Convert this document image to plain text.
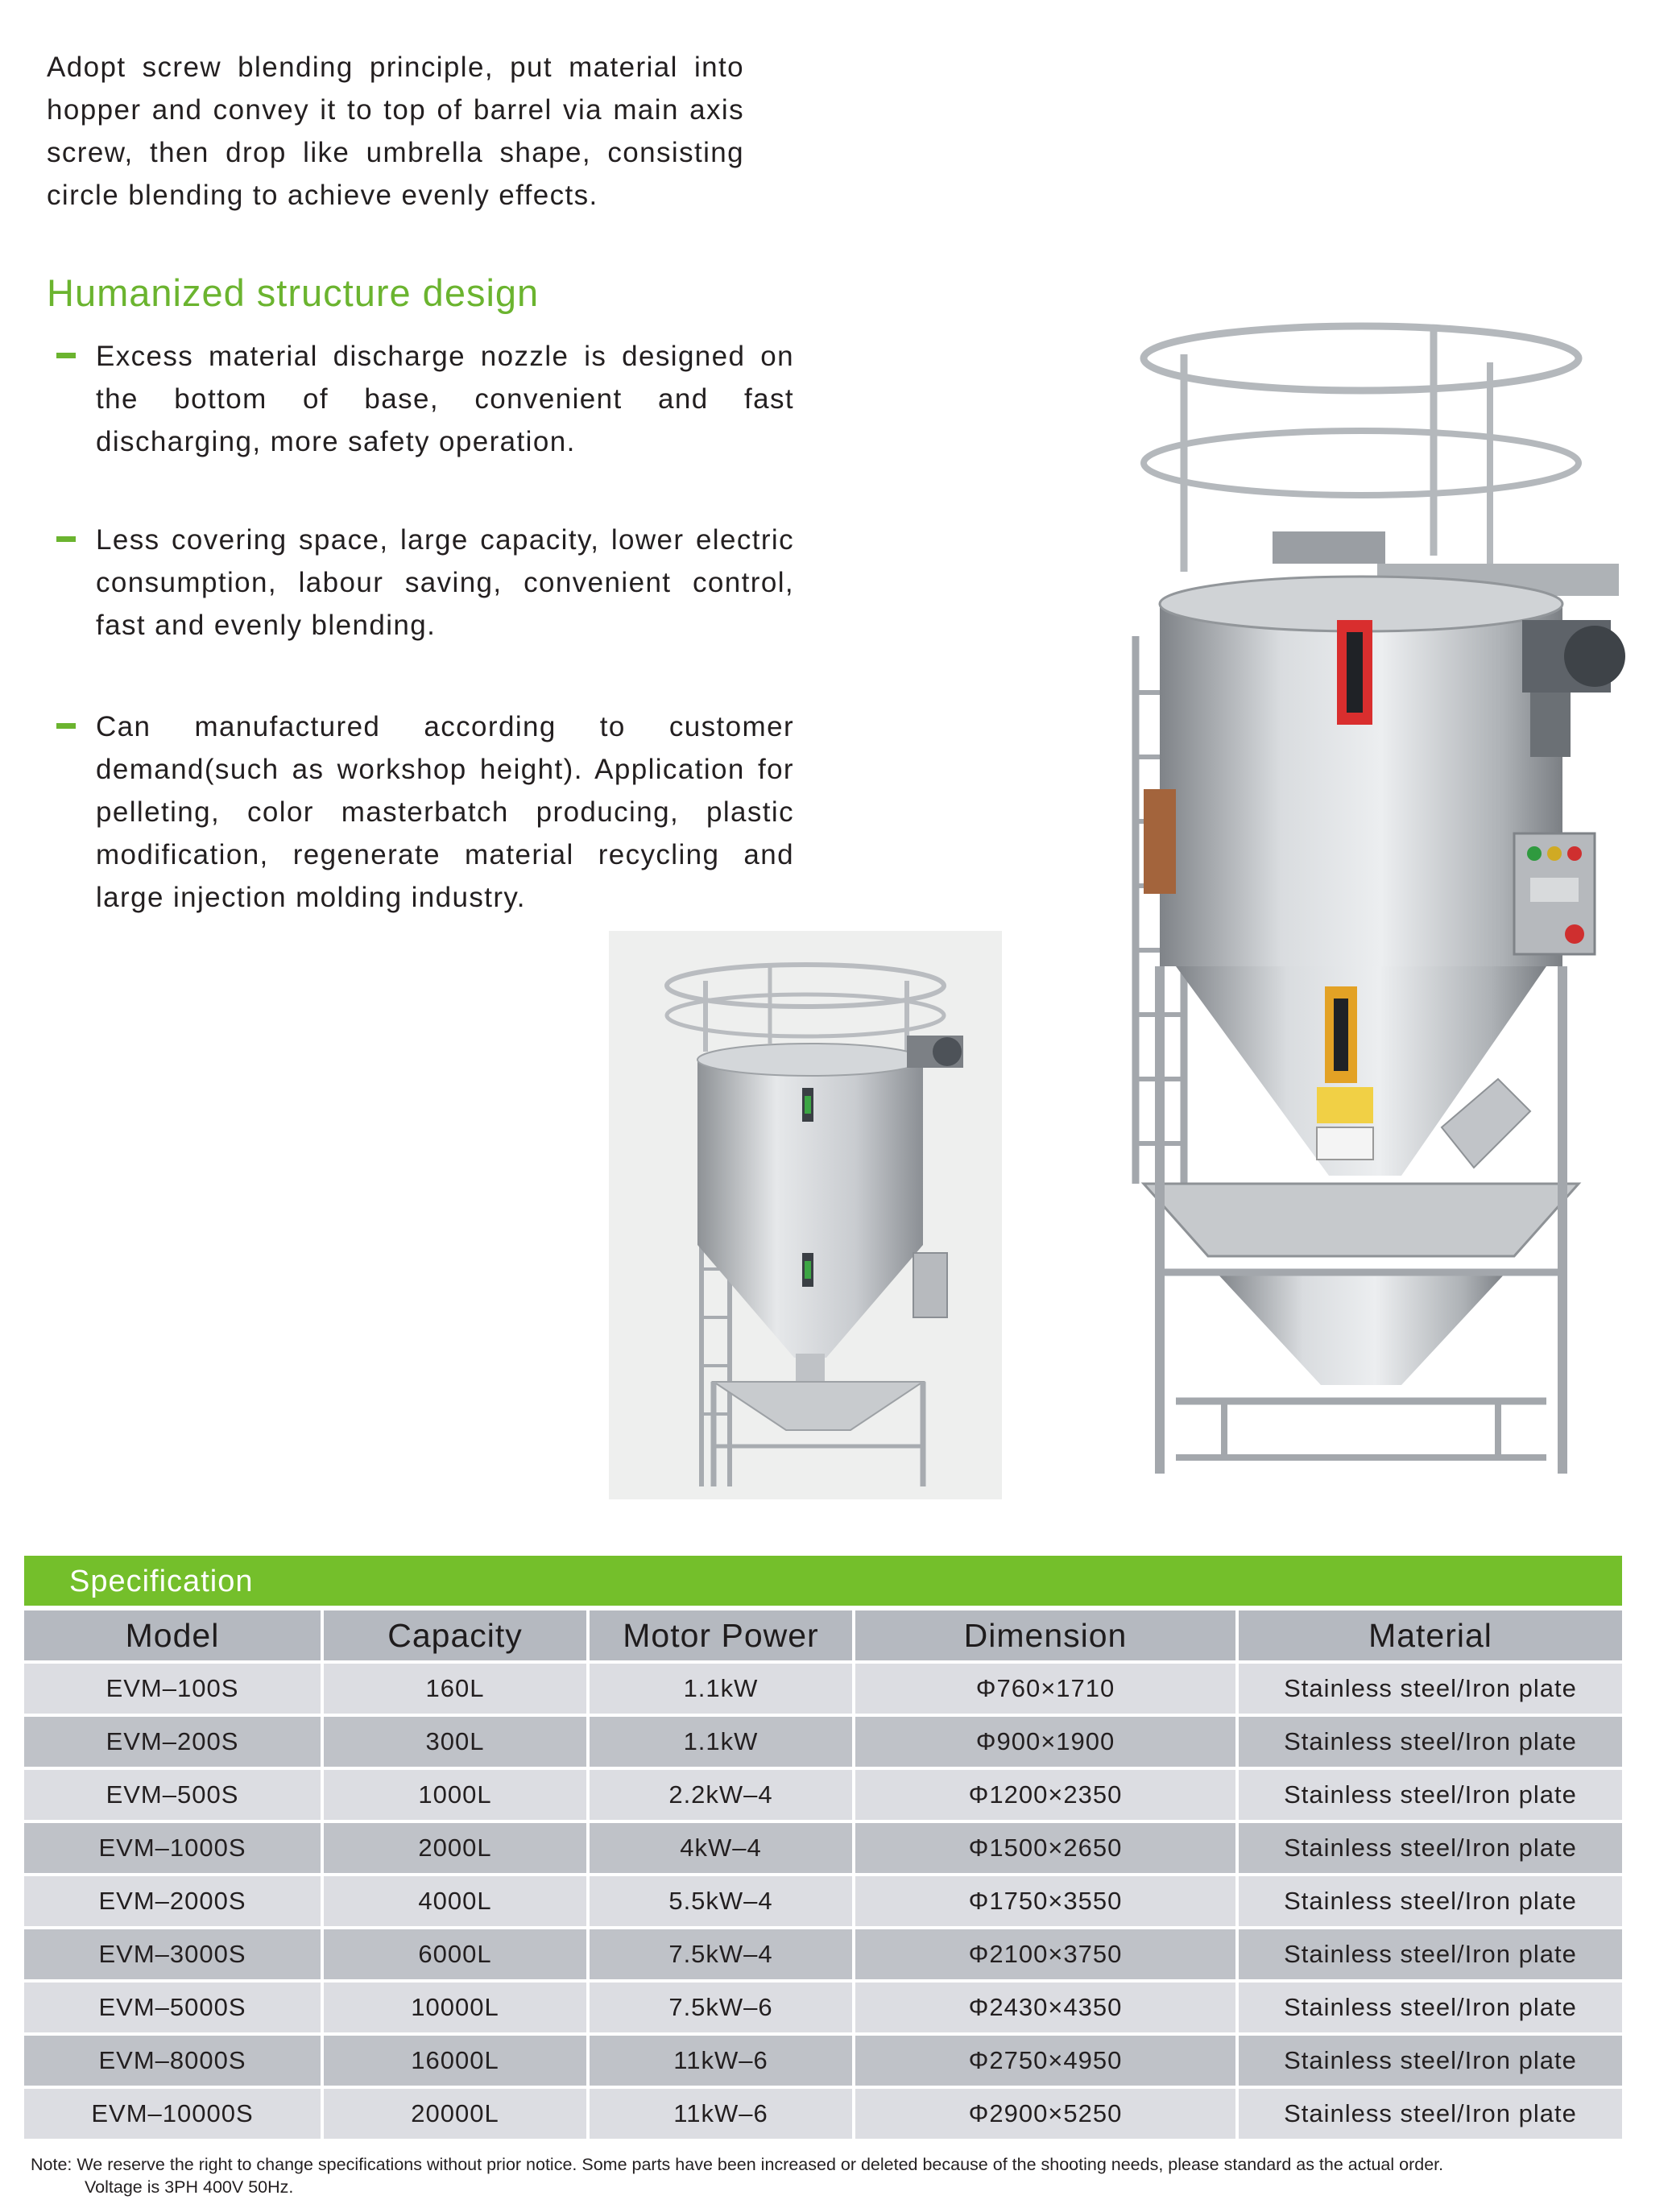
Adopt screw blending principle, put material into hopper and convey it to top of barrel via main axis screw, then drop like umbrella shape, consisting circle blending to achieve evenly effects.

Humanized structure design
Excess material discharge nozzle is designed on the bottom of base, convenient and fast discharging, more safety operation.
Less covering space, large capacity, lower electric consumption, labour saving, convenient control, fast and evenly blending.
Can manufactured according to customer demand(such as workshop height). Application for pelleting, color masterbatch producing, plastic modification, regenerate material recycling and large injection molding industry.
Specification
Model	Capacity	Motor Power	Dimension	Material
EVM–100S	160L	1.1kW	Φ760×1710	Stainless steel/Iron plate
EVM–200S	300L	1.1kW	Φ900×1900	Stainless steel/Iron plate
EVM–500S	1000L	2.2kW–4	Φ1200×2350	Stainless steel/Iron plate
EVM–1000S	2000L	4kW–4	Φ1500×2650	Stainless steel/Iron plate
EVM–2000S	4000L	5.5kW–4	Φ1750×3550	Stainless steel/Iron plate
EVM–3000S	6000L	7.5kW–4	Φ2100×3750	Stainless steel/Iron plate
EVM–5000S	10000L	7.5kW–6	Φ2430×4350	Stainless steel/Iron plate
EVM–8000S	16000L	11kW–6	Φ2750×4950	Stainless steel/Iron plate
EVM–10000S	20000L	11kW–6	Φ2900×5250	Stainless steel/Iron plate
Note: We reserve the right to change specifications without prior notice. Some parts have been increased or deleted because of the shooting needs, please standard as the actual order.
Voltage is 3PH 400V 50Hz.
